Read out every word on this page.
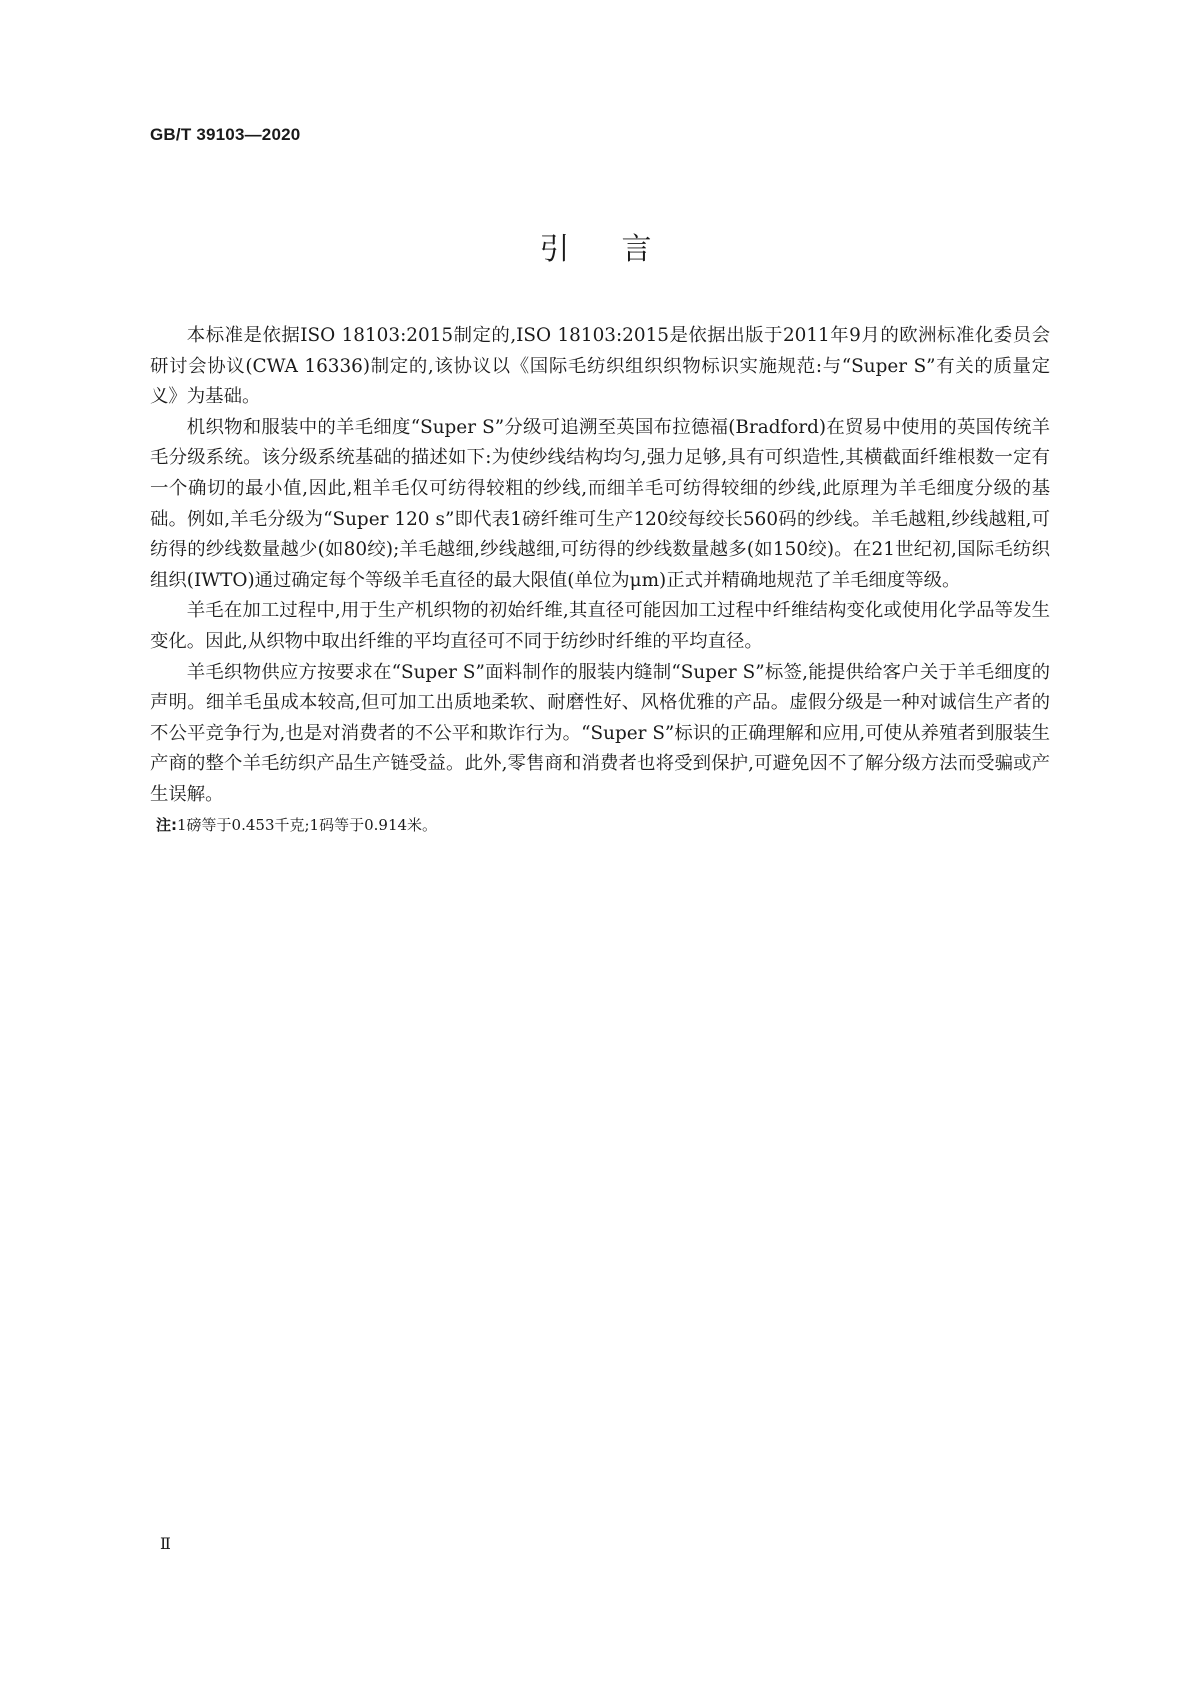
GB/T 39103—2020
引言

本标准是依据ISO 18103:2015制定的,ISO 18103:2015是依据出版于2011年9月的欧洲标准化委员会研讨会协议(CWA 16336)制定的,该协议以《国际毛纺织组织织物标识实施规范:与“Super S”有关的质量定义》为基础。

机织物和服装中的羊毛细度“Super S”分级可追溯至英国布拉德福(Bradford)在贸易中使用的英国传统羊毛分级系统。该分级系统基础的描述如下:为使纱线结构均匀,强力足够,具有可织造性,其横截面纤维根数一定有一个确切的最小值,因此,粗羊毛仅可纺得较粗的纱线,而细羊毛可纺得较细的纱线,此原理为羊毛细度分级的基础。例如,羊毛分级为“Super 120 s”即代表1磅纤维可生产120绞每绞长560码的纱线。羊毛越粗,纱线越粗,可纺得的纱线数量越少(如80绞);羊毛越细,纱线越细,可纺得的纱线数量越多(如150绞)。在21世纪初,国际毛纺织组织(IWTO)通过确定每个等级羊毛直径的最大限值(单位为μm)正式并精确地规范了羊毛细度等级。

羊毛在加工过程中,用于生产机织物的初始纤维,其直径可能因加工过程中纤维结构变化或使用化学品等发生变化。因此,从织物中取出纤维的平均直径可不同于纺纱时纤维的平均直径。

羊毛织物供应方按要求在“Super S”面料制作的服装内缝制“Super S”标签,能提供给客户关于羊毛细度的声明。细羊毛虽成本较高,但可加工出质地柔软、耐磨性好、风格优雅的产品。虚假分级是一种对诚信生产者的不公平竞争行为,也是对消费者的不公平和欺诈行为。“Super S”标识的正确理解和应用,可使从养殖者到服装生产商的整个羊毛纺织产品生产链受益。此外,零售商和消费者也将受到保护,可避免因不了解分级方法而受骗或产生误解。

注:1磅等于0.453千克;1码等于0.914米。

Ⅱ
